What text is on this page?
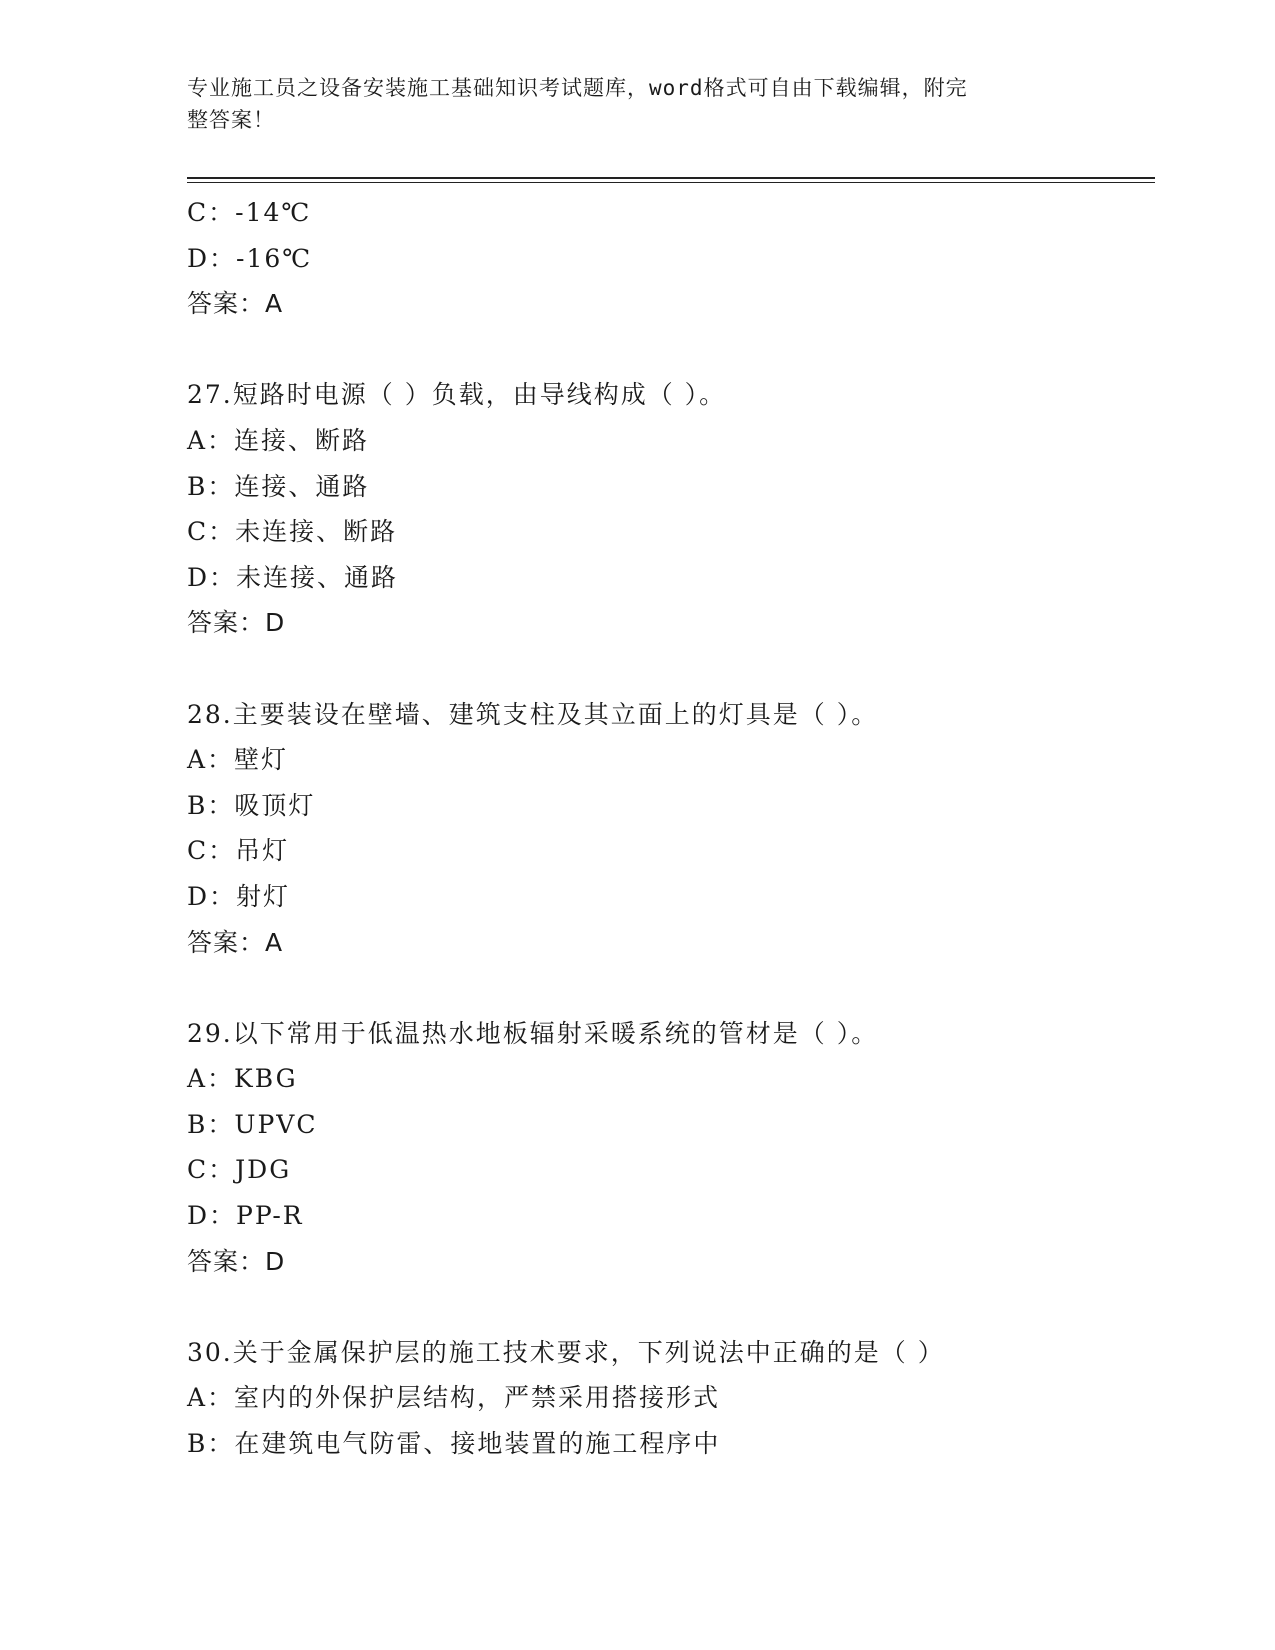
专业施工员之设备安装施工基础知识考试题库，word格式可自由下载编辑，附完
整答案！
C：-14℃
D：-16℃
答案：A
27.短路时电源（ ）负载，由导线构成（ ）。
A：连接、断路
B：连接、通路
C：未连接、断路
D：未连接、通路
答案：D
28.主要装设在壁墙、建筑支柱及其立面上的灯具是（ ）。
A：壁灯
B：吸顶灯
C：吊灯
D：射灯
答案：A
29.以下常用于低温热水地板辐射采暖系统的管材是（ ）。
A：KBG
B：UPVC
C：JDG
D：PP-R
答案：D
30.关于金属保护层的施工技术要求，下列说法中正确的是（ ）
A：室内的外保护层结构，严禁采用搭接形式
B：在建筑电气防雷、接地装置的施工程序中
